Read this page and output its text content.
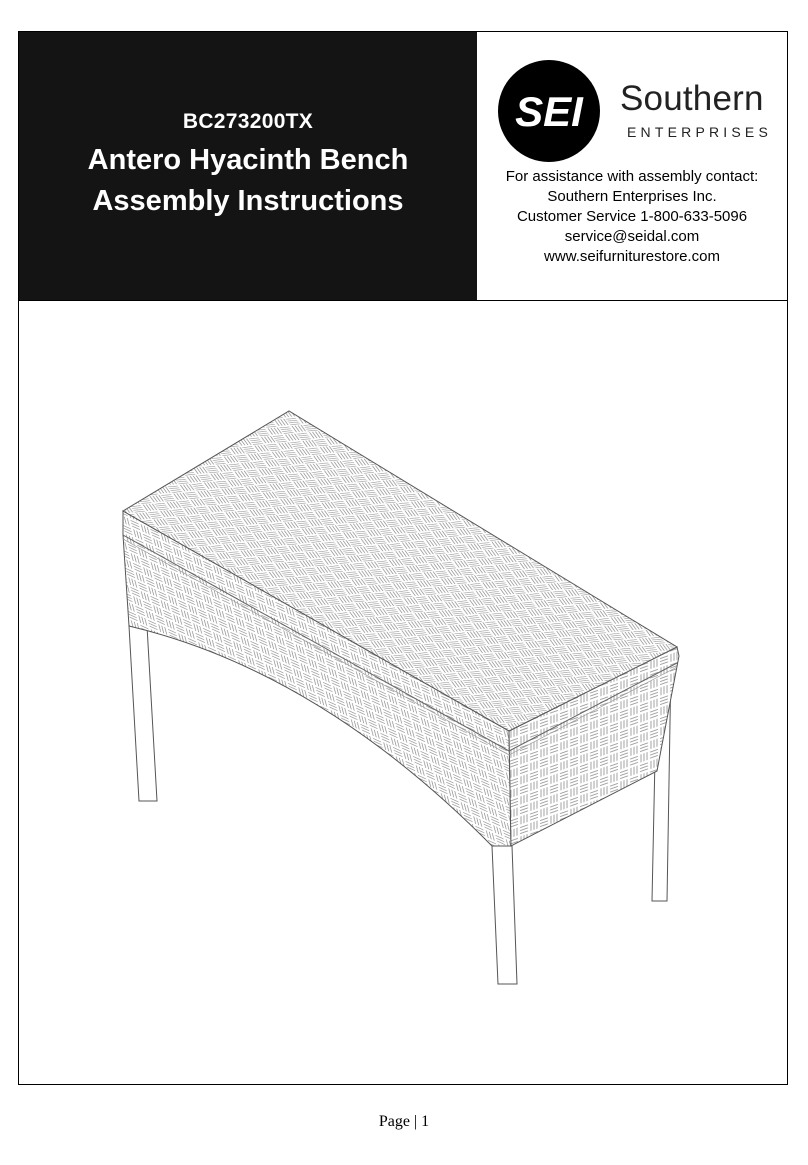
BC273200TX
Antero Hyacinth Bench
Assembly Instructions
SEI Southern
ENTERPRISES
For assistance with assembly contact:
Southern Enterprises Inc.
Customer Service 1-800-633-5096
service@seidal.com
www.seifurniturestore.com
Page | 1
